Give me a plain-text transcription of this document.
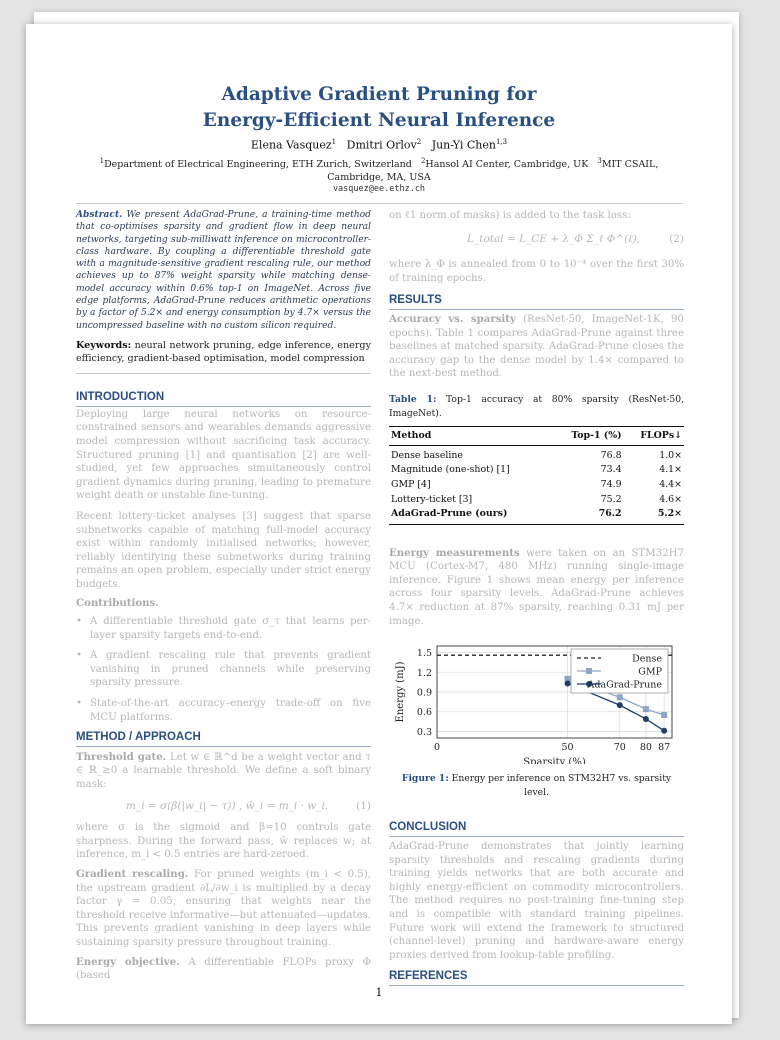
Adaptive Gradient Pruning for
Energy-Efficient Neural Inference
Elena Vasquez$^1$ Dmitri Orlov$^2$ Jun-Yi Chen$^{1,3}$
$^1$Department of Electrical Engineering, ETH Zurich, Switzerland $^2$Hansol AI Center, Cambridge, UK $^3$MIT CSAIL, Cambridge, MA, USA
vasquez@ee.ethz.ch

Abstract. We present AdaGrad-Prune, a training-time method that co-optimises sparsity and gradient flow in deep neural networks, targeting sub-milliwatt inference on microcontroller-class hardware. By coupling a differentiable threshold gate with a magnitude-sensitive gradient rescaling rule, our method achieves up to 87% weight sparsity while matching dense-model accuracy within 0.6% top-1 on ImageNet. Across five edge platforms, AdaGrad-Prune reduces arithmetic operations by a factor of 5.2× and energy consumption by 4.7× versus the uncompressed baseline with no custom silicon required.

Keywords: neural network pruning, edge inference, energy efficiency, gradient-based optimisation, model compression

INTRODUCTION

Deploying large neural networks on resource-constrained sensors and wearables demands aggressive model compression without sacrificing task accuracy. Structured pruning [1] and quantisation [2] are well-studied, yet few approaches simultaneously control gradient dynamics during pruning, leading to premature weight death or unstable fine-tuning.

Recent lottery-ticket analyses [3] suggest that sparse subnetworks capable of matching full-model accuracy exist within randomly initialised networks; however, reliably identifying these subnetworks during training remains an open problem, especially under strict energy budgets.

Contributions.

• A differentiable threshold gate σ_τ that learns per-layer sparsity targets end-to-end.
• A gradient rescaling rule that prevents gradient vanishing in pruned channels while preserving sparsity pressure.
• State-of-the-art accuracy–energy trade-off on five MCU platforms.
METHOD / APPROACH

Threshold gate. Let w ∈ ℝ^d be a weight vector and τ ∈ ℝ_≥0 a learnable threshold. We define a soft binary mask:

m_i = σ(β(|w_i| − τ)) , ŵ_i = m_i · w_i.	(1)

where σ is the sigmoid and β=10 controls gate sharpness. During the forward pass, ŵ replaces w; at inference, m_i < 0.5 entries are hard-zeroed.

Gradient rescaling. For pruned weights (m_i < 0.5), the upstream gradient ∂L/∂w_i is multiplied by a decay factor γ = 0.05, ensuring that weights near the threshold receive informative—but attenuated—updates. This prevents gradient vanishing in deep layers while sustaining sparsity pressure throughout training.

Energy objective. A differentiable FLOPs proxy Φ (based

on ℓ1 norm of masks) is added to the task loss:

L_total = L_CE + λ_Φ Σ_ℓ Φ^(ℓ),	(2)

where λ_Φ is annealed from 0 to 10⁻⁴ over the first 30% of training epochs.

RESULTS

Accuracy vs. sparsity (ResNet-50, ImageNet-1K, 90 epochs). Table 1 compares AdaGrad-Prune against three baselines at matched sparsity. AdaGrad-Prune closes the accuracy gap to the dense model by 1.4× compared to the next-best method.

Table 1: Top-1 accuracy at 80% sparsity (ResNet-50, ImageNet).
Method	Top-1 (%)	FLOPs↓
Dense baseline	76.8	1.0×
Magnitude (one-shot) [1]	73.4	4.1×
GMP [4]	74.9	4.4×
Lottery-ticket [3]	75.2	4.6×
AdaGrad-Prune (ours)	76.2	5.2×

Energy measurements were taken on an STM32H7 MCU (Cortex-M7, 480 MHz) running single-image inference. Figure 1 shows mean energy per inference across four sparsity levels. AdaGrad-Prune achieves 4.7× reduction at 87% sparsity, reaching 0.31 mJ per image.

0.3
0.6
0.9
1.2
1.5
0	50	70 80 87
Sparsity (%)
Energy (mJ)
Dense
GMP
AdaGrad-Prune
Figure 1: Energy per inference on STM32H7 vs. sparsity level.
CONCLUSION

AdaGrad-Prune demonstrates that jointly learning sparsity thresholds and rescaling gradients during training yields networks that are both accurate and highly energy-efficient on commodity microcontrollers. The method requires no post-training fine-tuning step and is compatible with standard training pipelines. Future work will extend the framework to structured (channel-level) pruning and hardware-aware energy proxies derived from lookup-table profiling.

REFERENCES
1
